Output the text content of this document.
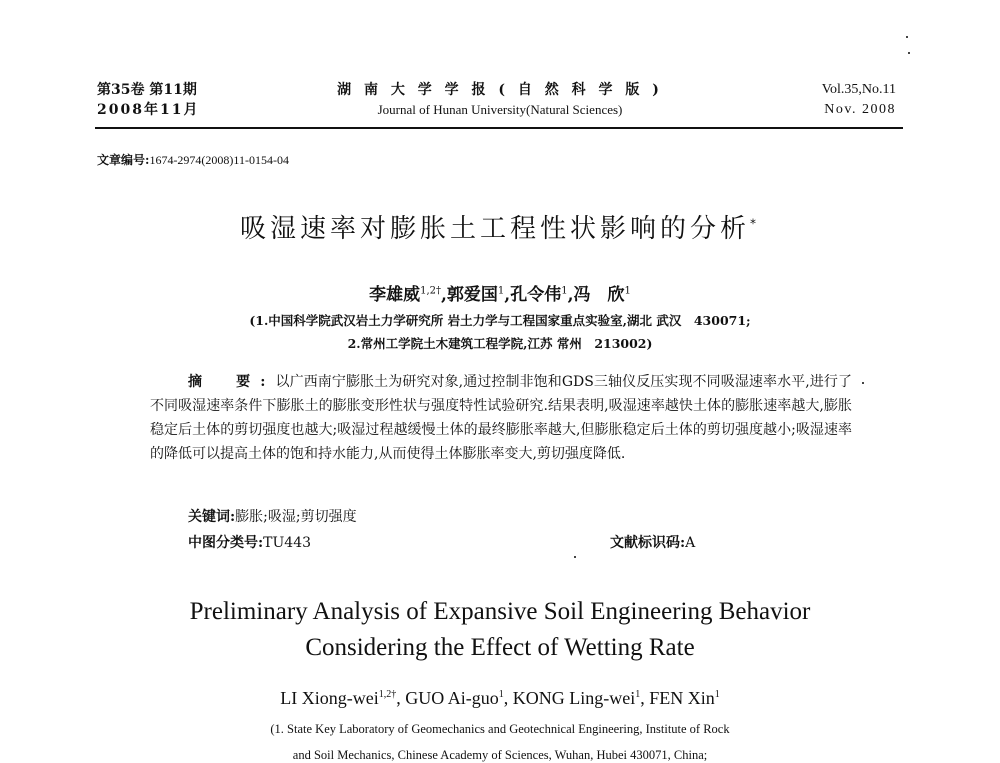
第35卷 第11期
2008年11月
湖 南 大 学 学 报 ( 自 然 科 学 版 )
Journal of Hunan University(Natural Sciences)
Vol.35,No.11
Nov. 2008
文章编号:1674-2974(2008)11-0154-04
吸湿速率对膨胀土工程性状影响的分析*
李雄威$^{1,2\dagger}$,郭爱国$^1$,孔令伟$^1$,冯　欣$^1$
(1.中国科学院武汉岩土力学研究所 岩土力学与工程国家重点实验室,湖北 武汉　430071;
2.常州工学院土木建筑工程学院,江苏 常州　213002)
摘　要:以广西南宁膨胀土为研究对象,通过控制非饱和GDS三轴仪反压实现不同吸湿速率水平,进行了不同吸湿速率条件下膨胀土的膨胀变形性状与强度特性试验研究.结果表明,吸湿速率越快土体的膨胀速率越大,膨胀稳定后土体的剪切强度也越大;吸湿过程越缓慢土体的最终膨胀率越大,但膨胀稳定后土体的剪切强度越小;吸湿速率的降低可以提高土体的饱和持水能力,从而使得土体膨胀率变大,剪切强度降低.
关键词:膨胀;吸湿;剪切强度
中图分类号:TU443	文献标识码:A
Preliminary Analysis of Expansive Soil Engineering Behavior
Considering the Effect of Wetting Rate
LI Xiong-wei$^{1,2\dagger}$, GUO Ai-guo$^1$, KONG Ling-wei$^1$, FEN Xin$^1$
(1. State Key Laboratory of Geomechanics and Geotechnical Engineering, Institute of Rock
and Soil Mechanics, Chinese Academy of Sciences, Wuhan, Hubei 430071, China;
